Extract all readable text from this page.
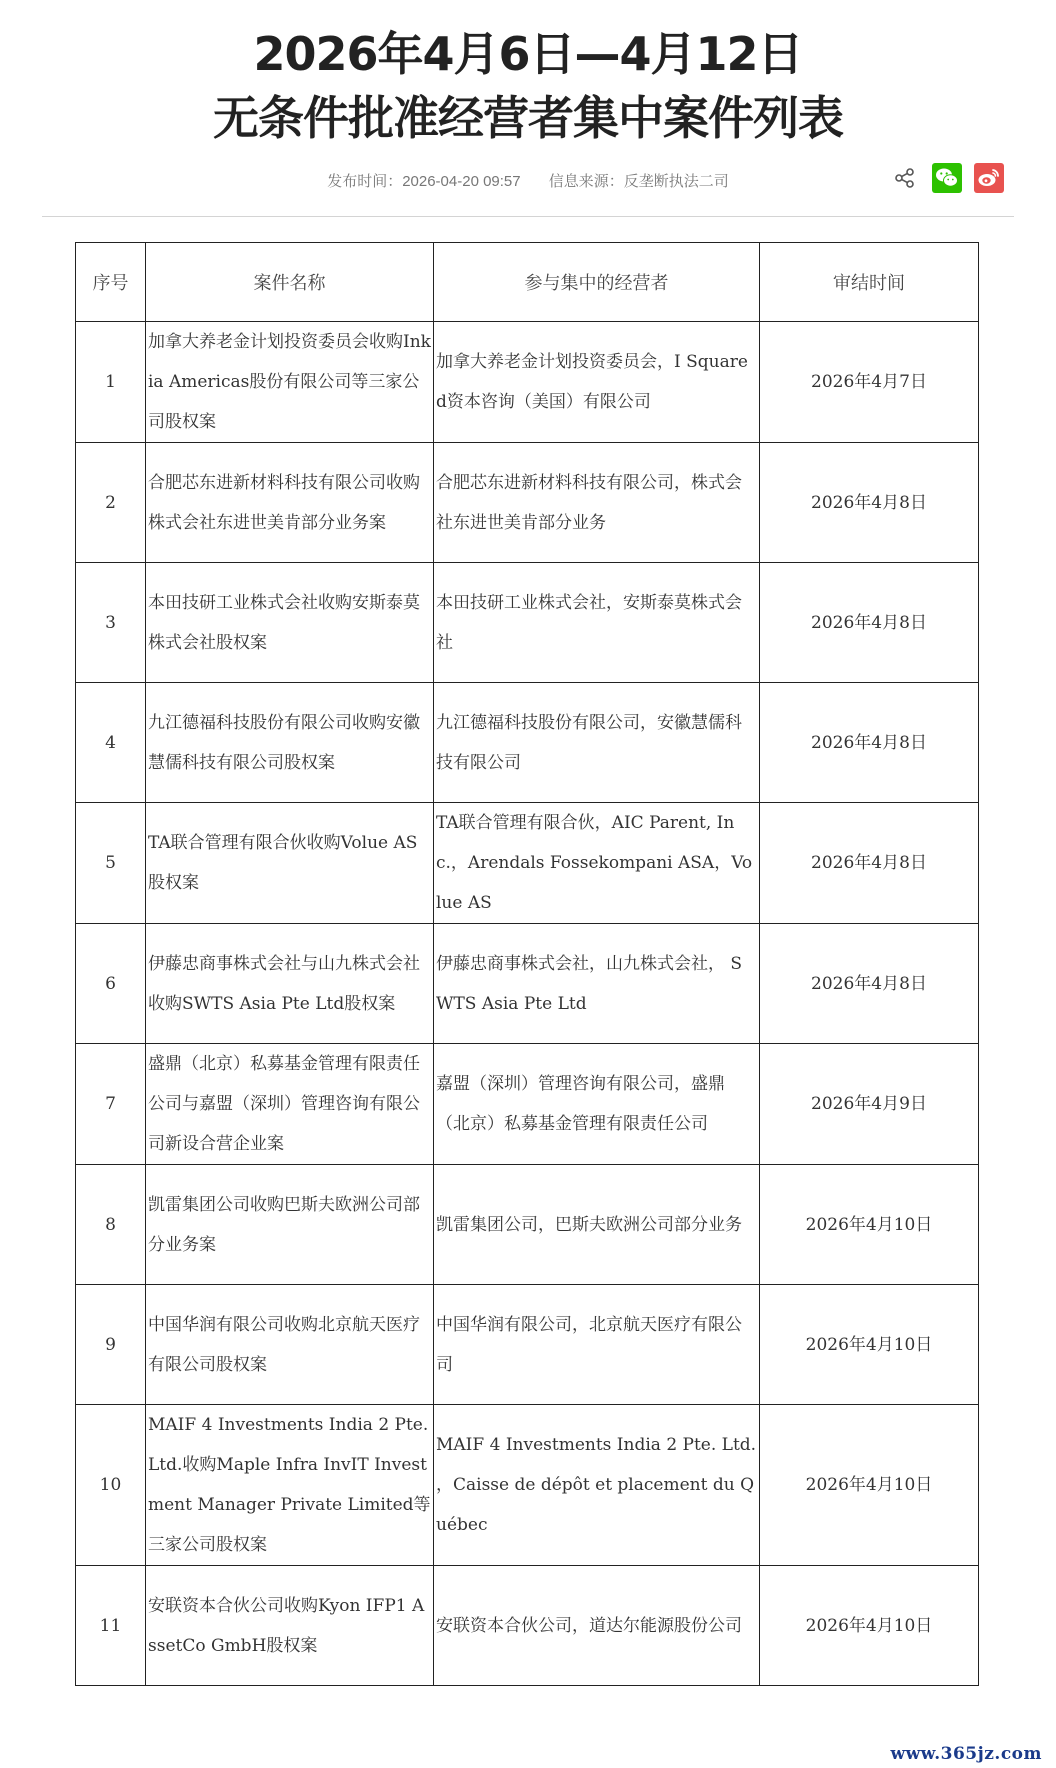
2026年4月6日—4月12日
无条件批准经营者集中案件列表
发布时间：2026-04-20 09:57 信息来源：反垄断执法二司
序号	案件名称	参与集中的经营者	审结时间
1	加拿大养老金计划投资委员会收购Inkia Americas股份有限公司等三家公司股权案	加拿大养老金计划投资委员会，I Squared资本咨询（美国）有限公司	2026年4月7日
2	合肥芯东进新材料科技有限公司收购株式会社东进世美肯部分业务案	合肥芯东进新材料科技有限公司，株式会社东进世美肯部分业务	2026年4月8日
3	本田技研工业株式会社收购安斯泰莫株式会社股权案	本田技研工业株式会社，安斯泰莫株式会社	2026年4月8日
4	九江德福科技股份有限公司收购安徽慧儒科技有限公司股权案	九江德福科技股份有限公司，安徽慧儒科技有限公司	2026年4月8日
5	TA联合管理有限合伙收购Volue AS股权案	TA联合管理有限合伙，AIC Parent, Inc.，Arendals Fossekompani ASA，Volue AS	2026年4月8日
6	伊藤忠商事株式会社与山九株式会社收购SWTS Asia Pte Ltd股权案	伊藤忠商事株式会社，山九株式会社， SWTS Asia Pte Ltd	2026年4月8日
7	盛鼎（北京）私募基金管理有限责任公司与嘉盟（深圳）管理咨询有限公司新设合营企业案	嘉盟（深圳）管理咨询有限公司，盛鼎（北京）私募基金管理有限责任公司	2026年4月9日
8	凯雷集团公司收购巴斯夫欧洲公司部分业务案	凯雷集团公司，巴斯夫欧洲公司部分业务	2026年4月10日
9	中国华润有限公司收购北京航天医疗有限公司股权案	中国华润有限公司，北京航天医疗有限公司	2026年4月10日
10	MAIF 4 Investments India 2 Pte. Ltd.收购Maple Infra InvIT Investment Manager Private Limited等三家公司股权案	MAIF 4 Investments India 2 Pte. Ltd. ，Caisse de dépôt et placement du Québec	2026年4月10日
11	安联资本合伙公司收购Kyon IFP1 AssetCo GmbH股权案	安联资本合伙公司，道达尔能源股份公司	2026年4月10日
www.365jz.com
